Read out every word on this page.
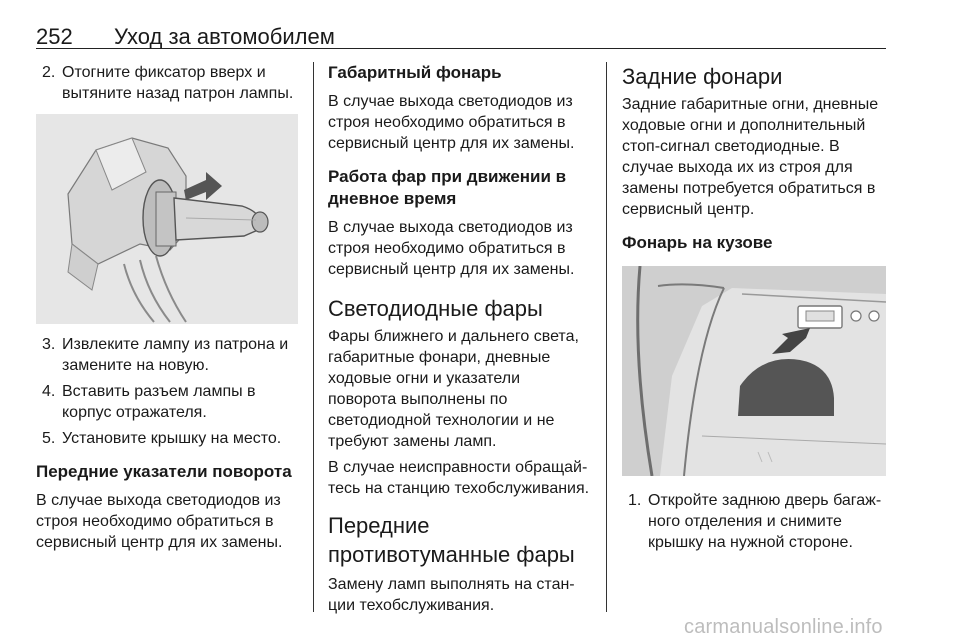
252 Уход за автомобилем
2. Отогните фиксатор вверх и вытяните назад патрон лампы.
3. Извлеките лампу из патрона и замените на новую.
4. Вставить разъем лампы в корпус отражателя.
5. Установите крышку на место.
Передние указатели поворота

В случае выхода светодиодов из строя необходимо обратиться в сервисный центр для их замены.

Габаритный фонарь

В случае выхода светодиодов из строя необходимо обратиться в сервисный центр для их замены.

Работа фар при движении в дневное время

В случае выхода светодиодов из строя необходимо обратиться в сервисный центр для их замены.

Светодиодные фары

Фары ближнего и дальнего света, габаритные фонари, дневные ходовые огни и указатели поворота выполнены по светодиодной технологии и не требуют замены ламп.

В случае неисправности обращай‐тесь на станцию техобслуживания.

Передние противотуманные фары

Замену ламп выполнять на стан‐ции техобслуживания.

Задние фонари

Задние габаритные огни, дневные ходовые огни и дополнительный стоп-сигнал светодиодные. В случае выхода их из строя для замены потребуется обратиться в сервисный центр.

Фонарь на кузове
1. Откройте заднюю дверь багаж‐ного отделения и снимите крышку на нужной стороне.
carmanualsonline.info
